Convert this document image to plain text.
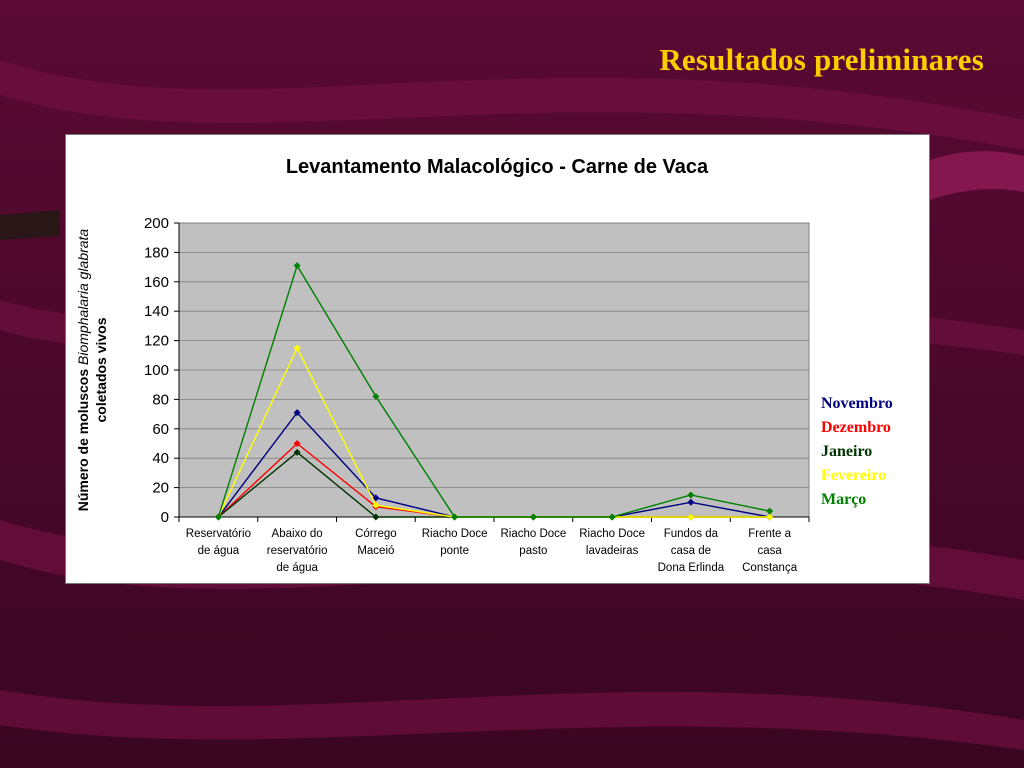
Resultados preliminares
Levantamento Malacológico - Carne de Vaca
0
20
40
60
80
100
120
140
160
180
200
Reservatório de água
Abaixo do reservatório de água
Córrego Maceió
Riacho Doce ponte
Riacho Doce pasto
Riacho Doce lavadeiras
Fundos da casa de Dona Erlinda
Frente a casa Constança
Número de moluscos Biomphalaria glabratacoletados vivos	Novembro
Dezembro
Janeiro
Fevereiro
Março
